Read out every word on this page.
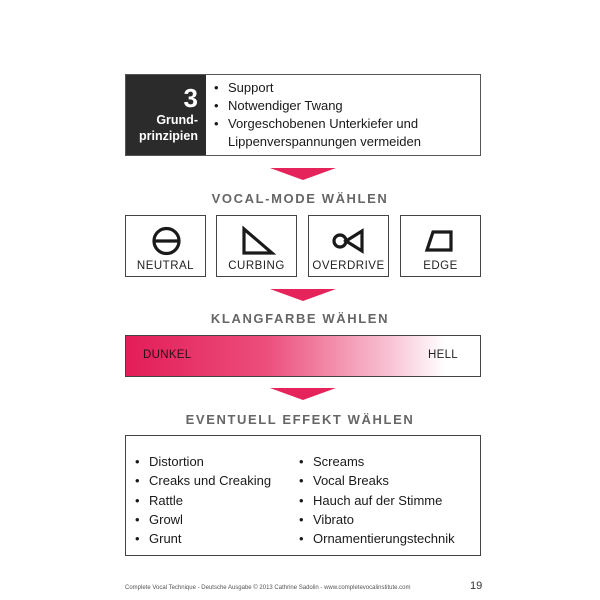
3
Grund-
prinzipien
• Support
• Notwendiger Twang
• Vorgeschobenen Unterkiefer und
Lippenverspannungen vermeiden
VOCAL-MODE WÄHLEN
NEUTRAL	CURBING	OVERDRIVE	EDGE
KLANGFARBE WÄHLEN
DUNKEL	HELL
EVENTUELL EFFEKT WÄHLEN
• Distortion
• Creaks und Creaking
• Rattle
• Growl
• Grunt
• Screams
• Vocal Breaks
• Hauch auf der Stimme
• Vibrato
• Ornamentierungstechnik
Complete Vocal Technique - Deutsche Ausgabe © 2013 Cathrine Sadolin - www.completevocalinstitute.com	19
